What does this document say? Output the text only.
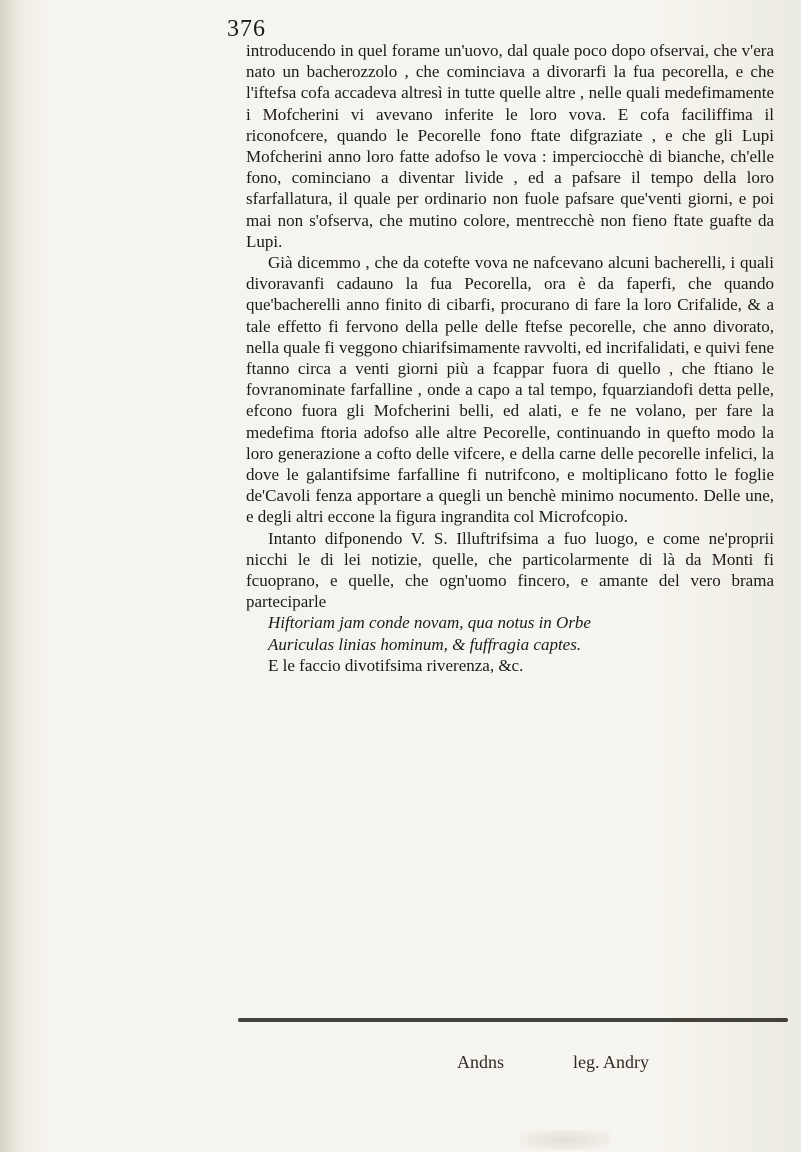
376

introducendo in quel forame un'uovo, dal quale poco dopo ofservai, che v'era nato un bacherozzolo , che cominciava a divorarfi la fua pecorella, e che l'iftefsa cofa accadeva altresì in tutte quelle altre , nelle quali medefimamente i Mofcherini vi avevano inferite le loro vova. E cofa faciliffima il riconofcere, quando le Pecorelle fono ftate difgraziate , e che gli Lupi Mofcherini anno loro fatte adofso le vova : imperciocchè di bianche, ch'elle fono, cominciano a diventar livide , ed a pafsare il tempo della loro sfarfallatura, il quale per ordinario non fuole pafsare que'venti giorni, e poi mai non s'ofserva, che mutino colore, mentrecchè non fieno ftate guafte da Lupi.

Già dicemmo , che da cotefte vova ne nafcevano alcuni bacherelli, i quali divoravanfi cadauno la fua Pecorella, ora è da faperfi, che quando que'bacherelli anno finito di cibarfi, procurano di fare la loro Crifalide, & a tale effetto fi fervono della pelle delle ftefse pecorelle, che anno divorato, nella quale fi veggono chiarifsimamente ravvolti, ed incrifalidati, e quivi fene ftanno circa a venti giorni più a fcappar fuora di quello , che ftiano le fovranominate farfalline , onde a capo a tal tempo, fquarziandofi detta pelle, efcono fuora gli Mofcherini belli, ed alati, e fe ne volano, per fare la medefima ftoria adofso alle altre Pecorelle, continuando in quefto modo la loro generazione a cofto delle vifcere, e della carne delle pecorelle infelici, la dove le galantifsime farfalline fi nutrifcono, e moltiplicano fotto le foglie de'Cavoli fenza apportare a quegli un benchè minimo nocumento. Delle une, e degli altri eccone la figura ingrandita col Microfcopio.

Intanto difponendo V. S. Illuftrifsima a fuo luogo, e come ne'proprii nicchi le di lei notizie, quelle, che particolarmente di là da Monti fi fcuoprano, e quelle, che ogn'uomo fincero, e amante del vero brama parteciparle

Hiftoriam jam conde novam, qua notus in Orbe

Auriculas linias hominum, & fuffragia captes.

E le faccio divotifsima riverenza, &c.

Andns	leg. Andry
